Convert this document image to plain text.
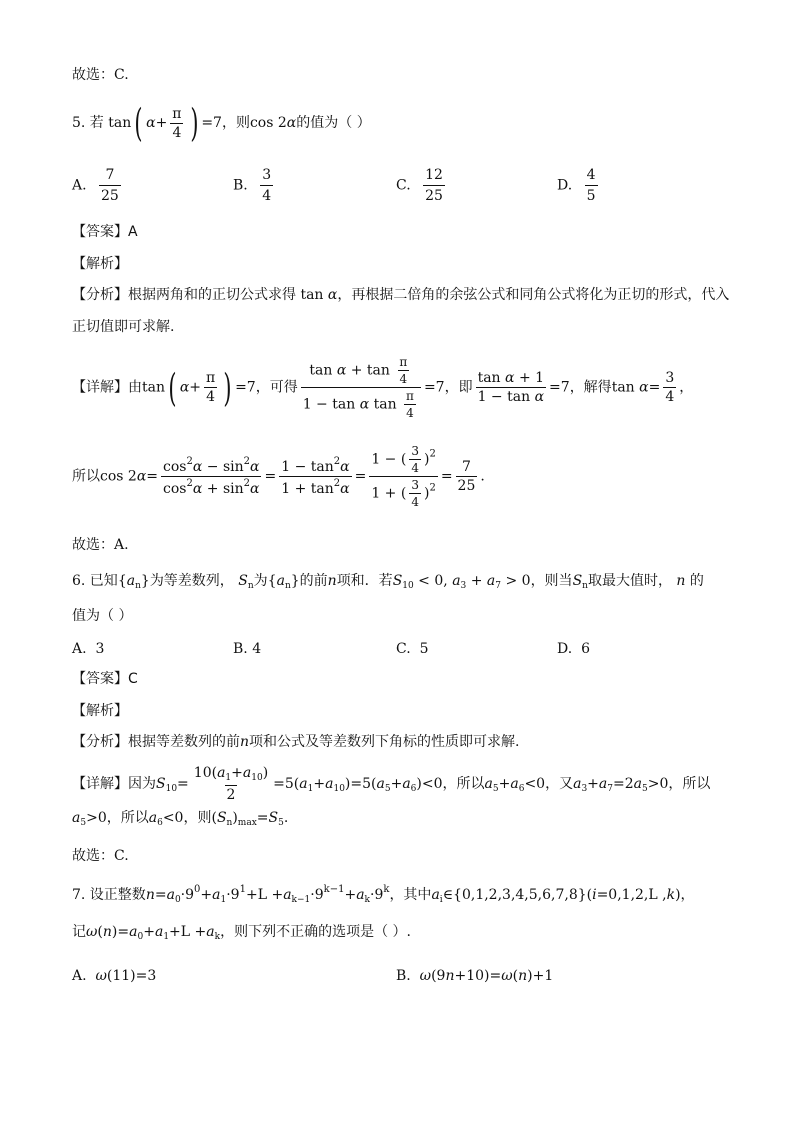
故选：C.
5. 若 tan( $\alpha+ \frac{\pi}{4}$ ) =7，则cos 2α的值为（ ）
A. $\frac{7}{25}$	B. $\frac{3}{4}$	C. $\frac{12}{25}$	D. $\frac{4}{5}$
【答案】A
【解析】
【分析】根据两角和的正切公式求得 tan α，再根据二倍角的余弦公式和同角公式将化为正切的形式，代入
正切值即可求解.
【详解】由tan( $\alpha+ \frac{\pi}{4}$ ) =7，可得 $\frac{\tan \alpha + \tan \frac{\pi}{4}}{1 - \tan \alpha \tan \frac{\pi}{4}} =7$，即 $\frac{\text{tan α + 1}}{\text{1 − tan α}} =7$，解得$\tan \alpha= \frac{3}{4}$ ，
所以$\cos 2\alpha= \frac{\cos^2\alpha - \sin^2\alpha}{\cos^2\alpha + \sin^2\alpha} = \frac{1 - \tan^2\alpha}{1 + \tan^2\alpha} = \frac{1 - ( \frac{3}{4} )^2}{1 + ( \frac{3}{4} )^2} = \frac{7}{25}$ .
故选：A.
6. 已知$\{a_n\}$为等差数列， $S_n$为$\{a_n\}$的前n项和．若$S_{10} < 0$, $a_3 + a_7 > 0$，则当$S_n$取最大值时， n 的
值为（ ）
A. 3	B. 4	C. 5	D. 6
【答案】C
【解析】
【分析】根据等差数列的前n项和公式及等差数列下角标的性质即可求解.
【详解】因为$S_{10}= \frac{10(a_1+a_{10})}{2} =5(a_1+a_{10})=5(a_5+a_6)<0$，所以$a_5+a_6<0$，又$a_3+a_7=2a_5>0$，所以
$a_5>0$，所以$a_6<0$，则$(S_n)_{max}=S_5$.
故选：C.
7. 设正整数$n=a_0\cdot 9^0+a_1\cdot 9^1+L +a_{k-1}\cdot 9^{k-1}+a_k\cdot 9^k$，其中$a_i\in\{0,1,2,3,4,5,6,7,8\}(i=0,1,2,L$ ,k)，
记$\omega(n)=a_0+a_1+L +a_k$，则下列不正确的选项是（ ）.
A. ω(11)=3	B. ω(9n+10)=ω(n)+1
